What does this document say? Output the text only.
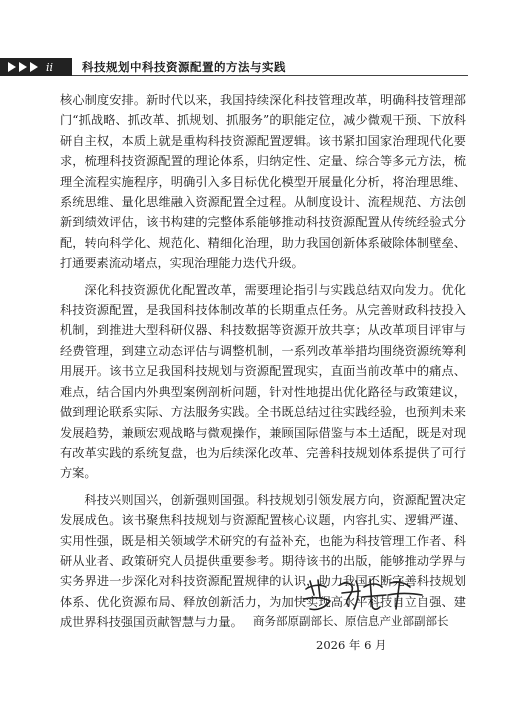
ii	科技规划中科技资源配置的方法与实践

核心制度安排。新时代以来，我国持续深化科技管理改革，明确科技管理部门“抓战略、抓改革、抓规划、抓服务”的职能定位，减少微观干预、下放科研自主权，本质上就是重构科技资源配置逻辑。该书紧扣国家治理现代化要求，梳理科技资源配置的理论体系，归纳定性、定量、综合等多元方法，梳理全流程实施程序，明确引入多目标优化模型开展量化分析，将治理思维、系统思维、量化思维融入资源配置全过程。从制度设计、流程规范、方法创新到绩效评估，该书构建的完整体系能够推动科技资源配置从传统经验式分配，转向科学化、规范化、精细化治理，助力我国创新体系破除体制壁垒、打通要素流动堵点，实现治理能力迭代升级。

深化科技资源优化配置改革，需要理论指引与实践总结双向发力。优化科技资源配置，是我国科技体制改革的长期重点任务。从完善财政科技投入机制，到推进大型科研仪器、科技数据等资源开放共享；从改革项目评审与经费管理，到建立动态评估与调整机制，一系列改革举措均围绕资源统筹利用展开。该书立足我国科技规划与资源配置现实，直面当前改革中的痛点、难点，结合国内外典型案例剖析问题，针对性地提出优化路径与政策建议，做到理论联系实际、方法服务实践。全书既总结过往实践经验，也预判未来发展趋势，兼顾宏观战略与微观操作，兼顾国际借鉴与本土适配，既是对现有改革实践的系统复盘，也为后续深化改革、完善科技规划体系提供了可行方案。

科技兴则国兴，创新强则国强。科技规划引领发展方向，资源配置决定发展成色。该书聚焦科技规划与资源配置核心议题，内容扎实、逻辑严谨、实用性强，既是相关领域学术研究的有益补充，也能为科技管理工作者、科研从业者、政策研究人员提供重要参考。期待该书的出版，能够推动学界与实务界进一步深化对科技资源配置规律的认识，助力我国不断完善科技规划体系、优化资源布局、释放创新活力，为加快实现高水平科技自立自强、建成世界科技强国贡献智慧与力量。 商务部原副部长、原信息产业部副部长
2026 年 6 月
